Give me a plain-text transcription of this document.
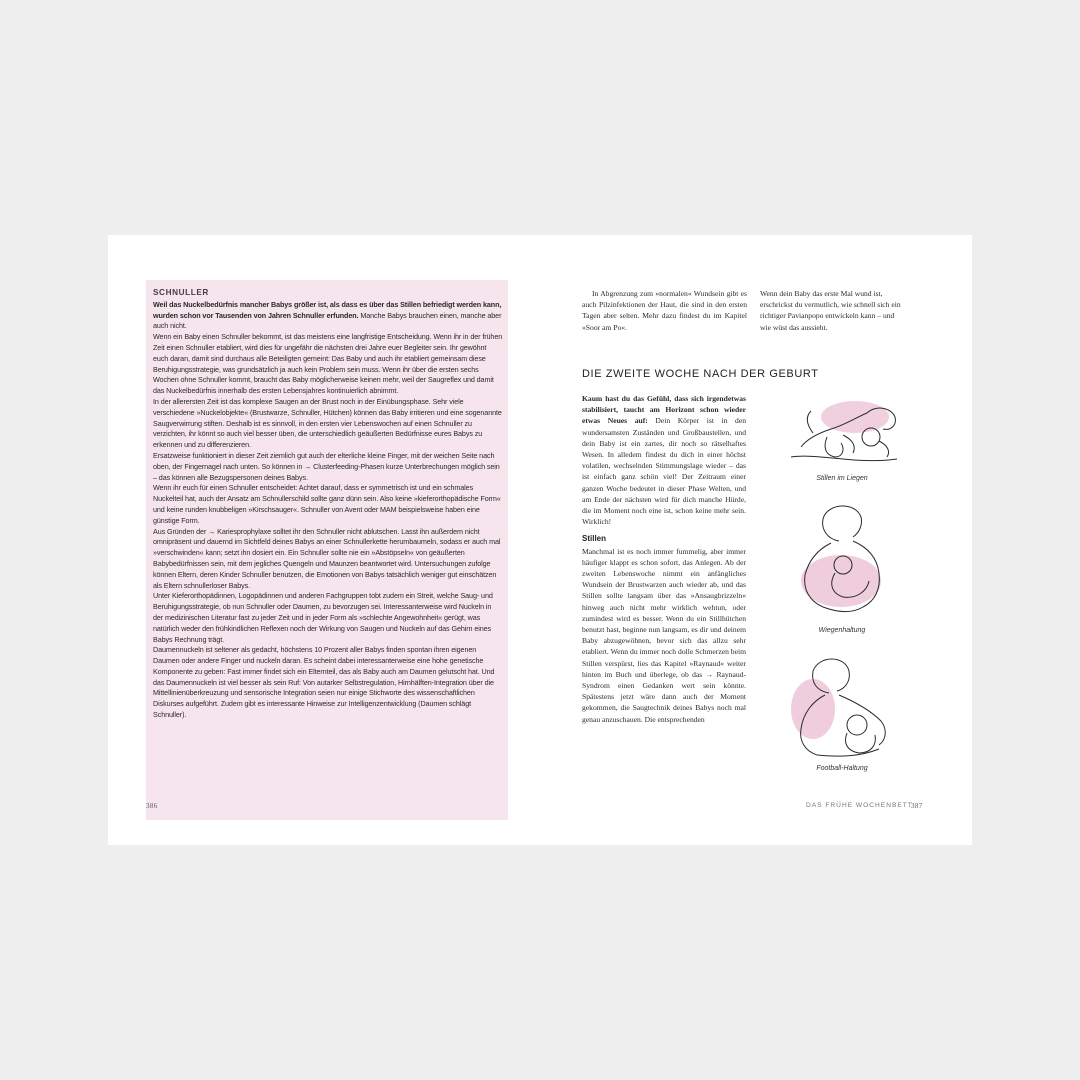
SCHNULLER

Weil das Nuckelbedürfnis mancher Babys größer ist, als dass es über das Stillen befriedigt werden kann, wurden schon vor Tausenden von Jahren Schnuller erfunden. Manche Babys brauchen einen, manche aber auch nicht.

Wenn ein Baby einen Schnuller bekommt, ist das meistens eine langfristige Entscheidung. Wenn ihr in der frühen Zeit einen Schnuller etabliert, wird dies für ungefähr die nächsten drei Jahre euer Begleiter sein. Ihr gewöhnt euch daran, damit sind durchaus alle Beteiligten gemeint: Das Baby und auch ihr etabliert gemeinsam diese Beruhigungsstrategie, was grundsätzlich ja auch kein Problem sein muss. Wenn ihr über die ersten sechs Wochen ohne Schnuller kommt, braucht das Baby möglicherweise keinen mehr, weil der Saugreflex und damit das Nuckelbedürfnis innerhalb des ersten Lebensjahres kontinuierlich abnimmt.

In der allerersten Zeit ist das komplexe Saugen an der Brust noch in der Einübungsphase. Sehr viele verschiedene »Nuckelobjekte« (Brustwarze, Schnuller, Hütchen) können das Baby irritieren und eine sogenannte Saugverwirrung stiften. Deshalb ist es sinnvoll, in den ersten vier Lebenswochen auf einen Schnuller zu verzichten, ihr könnt so auch viel besser üben, die unterschiedlich geäußerten Bedürfnisse eures Babys zu erkennen und zu differenzieren.

Ersatzweise funktioniert in dieser Zeit ziemlich gut auch der elterliche kleine Finger, mit der weichen Seite nach oben, der Fingernagel nach unten. So können in → Clusterfeeding-Phasen kurze Unterbrechungen möglich sein – das können alle Bezugspersonen deines Babys.

Wenn ihr euch für einen Schnuller entscheidet: Achtet darauf, dass er symmetrisch ist und ein schmales Nuckelteil hat, auch der Ansatz am Schnullerschild sollte ganz dünn sein. Also keine »kieferorthopädische Form« und keine runden knubbeligen »Kirschsauger«. Schnuller von Avent oder MAM beispielsweise haben eine günstige Form.

Aus Gründen der → Kariesprophylaxe solltet ihr den Schnuller nicht ablutschen. Lasst ihn außerdem nicht omnipräsent und dauernd im Sichtfeld deines Babys an einer Schnullerkette herumbaumeln, sodass er auch mal »verschwinden« kann; setzt ihn dosiert ein. Ein Schnuller sollte nie ein »Abstöpseln« von geäußerten Babybedürfnissen sein, mit dem jegliches Quengeln und Maunzen beantwortet wird. Untersuchungen zufolge können Eltern, deren Kinder Schnuller benutzen, die Emotionen von Babys tatsächlich weniger gut einschätzen als Eltern schnullerloser Babys.

Unter Kieferorthopädinnen, Logopädinnen und anderen Fachgruppen tobt zudem ein Streit, welche Saug- und Beruhigungsstrategie, ob nun Schnuller oder Daumen, zu bevorzugen sei. Interessanterweise wird Nuckeln in der medizinischen Literatur fast zu jeder Zeit und in jeder Form als »schlechte Angewohnheit« gerügt, was natürlich weder den frühkindlichen Reflexen noch der Wirkung von Saugen und Nuckeln auf das Gehirn eines Babys Rechnung trägt.

Daumennuckeln ist seltener als gedacht, höchstens 10 Prozent aller Babys finden spontan ihren eigenen Daumen oder andere Finger und nuckeln daran. Es scheint dabei interessanterweise eine hohe genetische Komponente zu geben: Fast immer findet sich ein Elternteil, das als Baby auch am Daumen gelutscht hat. Und das Daumennuckeln ist viel besser als sein Ruf: Von autarker Selbstregulation, Hirnhälften-Integration über die Mittellinienüberkreuzung und sensorische Integration seien nur einige Stichworte des wissenschaftlichen Diskurses aufgeführt. Zudem gibt es interessante Hinweise zur Intelligenzentwicklung (Daumen schlägt Schnuller).

386

In Abgrenzung zum »normalen« Wundsein gibt es auch Pilzinfektionen der Haut, die sind in den ersten Tagen aber selten. Mehr dazu findest du im Kapitel »Soor am Po«.

Wenn dein Baby das erste Mal wund ist, erschrickst du vermutlich, wie schnell sich ein richtiger Pavianpopo entwickeln kann – und wie wüst das aussieht.

DIE ZWEITE WOCHE NACH DER GEBURT

Kaum hast du das Gefühl, dass sich irgendetwas stabilisiert, taucht am Horizont schon wieder etwas Neues auf: Dein Körper ist in den wundersamsten Zuständen und Großbaustellen, und dein Baby ist ein zartes, dir noch so rätselhaftes Wesen. In alledem findest du dich in einer höchst volatilen, wechselnden Stimmungslage wieder – das ist einfach ganz schön viel! Der Zeitraum einer ganzen Woche bedeutet in dieser Phase Welten, und am Ende der nächsten wird für dich manche Hürde, die im Moment noch eine ist, schon keine mehr sein. Wirklich!

Stillen

Manchmal ist es noch immer fummelig, aber immer häufiger klappt es schon sofort, das Anlegen. Ab der zweiten Lebenswoche nimmt ein anfängliches Wundsein der Brustwarzen auch wieder ab, und das Stillen sollte langsam über das »Ansaugbrizzeln« hinweg auch nicht mehr wirklich wehtun, oder zumindest wird es besser. Wenn du ein Stillhütchen benutzt hast, beginne nun langsam, es dir und deinem Baby abzugewöhnen, bevor sich das allzu sehr etabliert. Wenn du immer noch dolle Schmerzen beim Stillen verspürst, lies das Kapitel »Raynaud« weiter hinten im Buch und überlege, ob das → Raynaud-Syndrom einen Gedanken wert sein könnte. Spätestens jetzt wäre dann auch der Moment gekommen, die Saugtechnik deines Babys noch mal genau anzuschauen. Die entsprechenden

Stillen im Liegen
Wiegenhaltung
Football-Haltung
DAS FRÜHE WOCHENBETT
387
